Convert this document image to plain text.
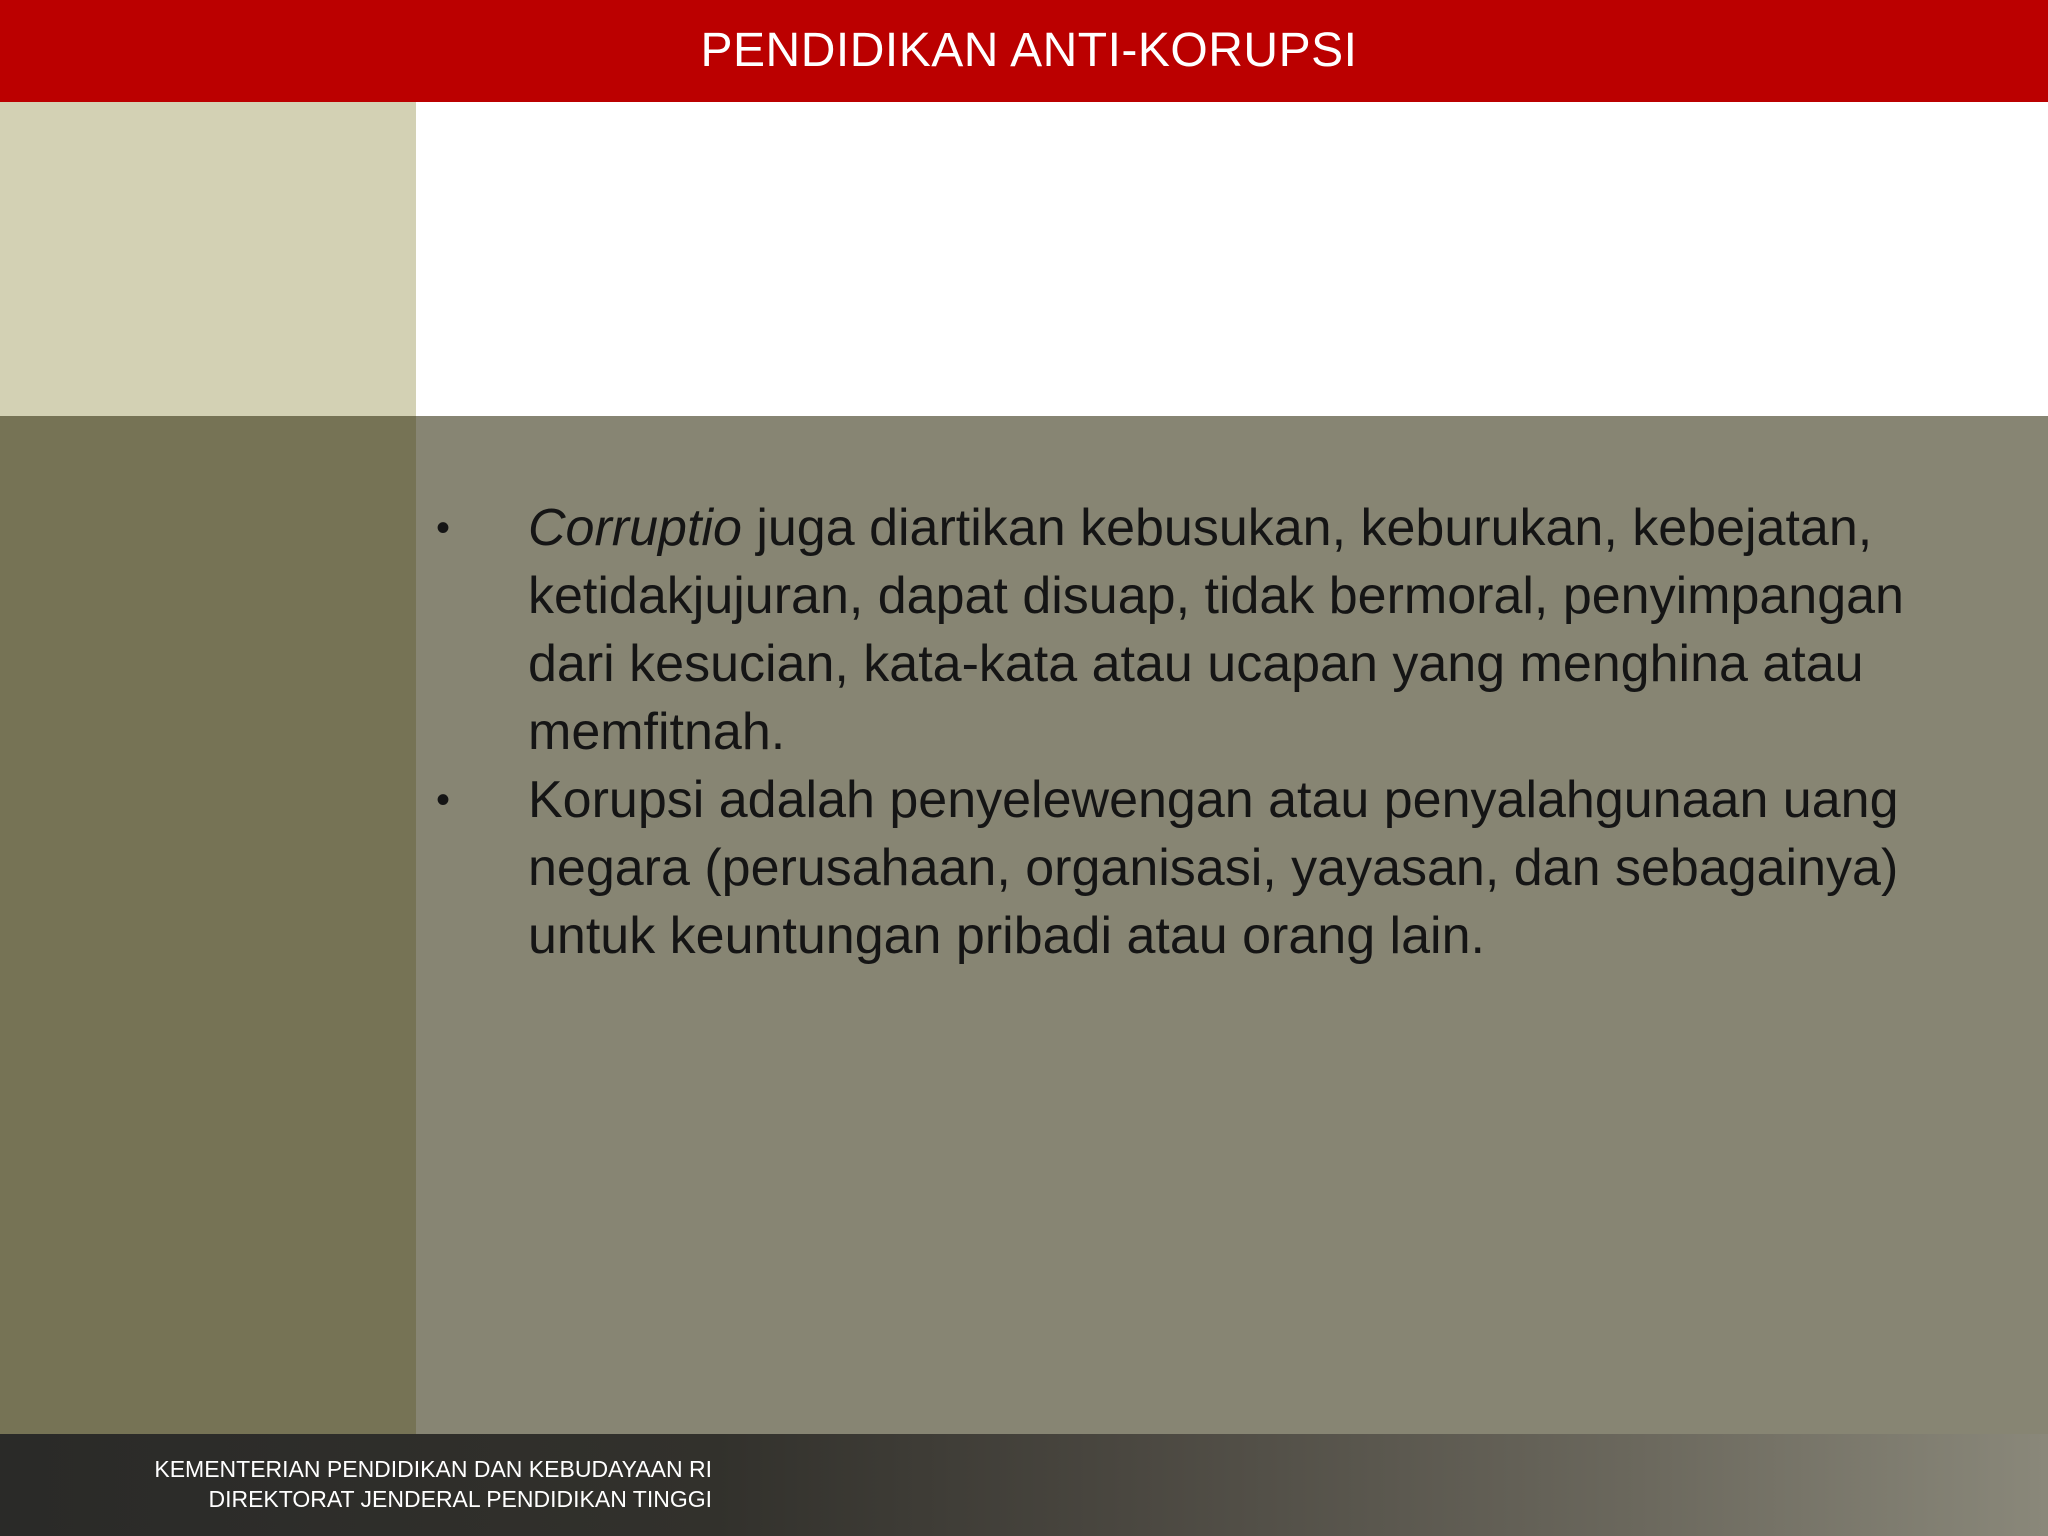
PENDIDIKAN ANTI-KORUPSI
•	Corruptio juga diartikan kebusukan, keburukan, kebejatan, ketidakjujuran, dapat disuap, tidak bermoral, penyimpangan dari kesucian, kata-kata atau ucapan yang menghina atau memfitnah.
•	Korupsi adalah penyelewengan atau penyalahgunaan uang negara (perusahaan, organisasi, yayasan, dan sebagainya) untuk keuntungan pribadi atau orang lain.
KEMENTERIAN PENDIDIKAN DAN KEBUDAYAAN RI
DIREKTORAT JENDERAL PENDIDIKAN TINGGI
